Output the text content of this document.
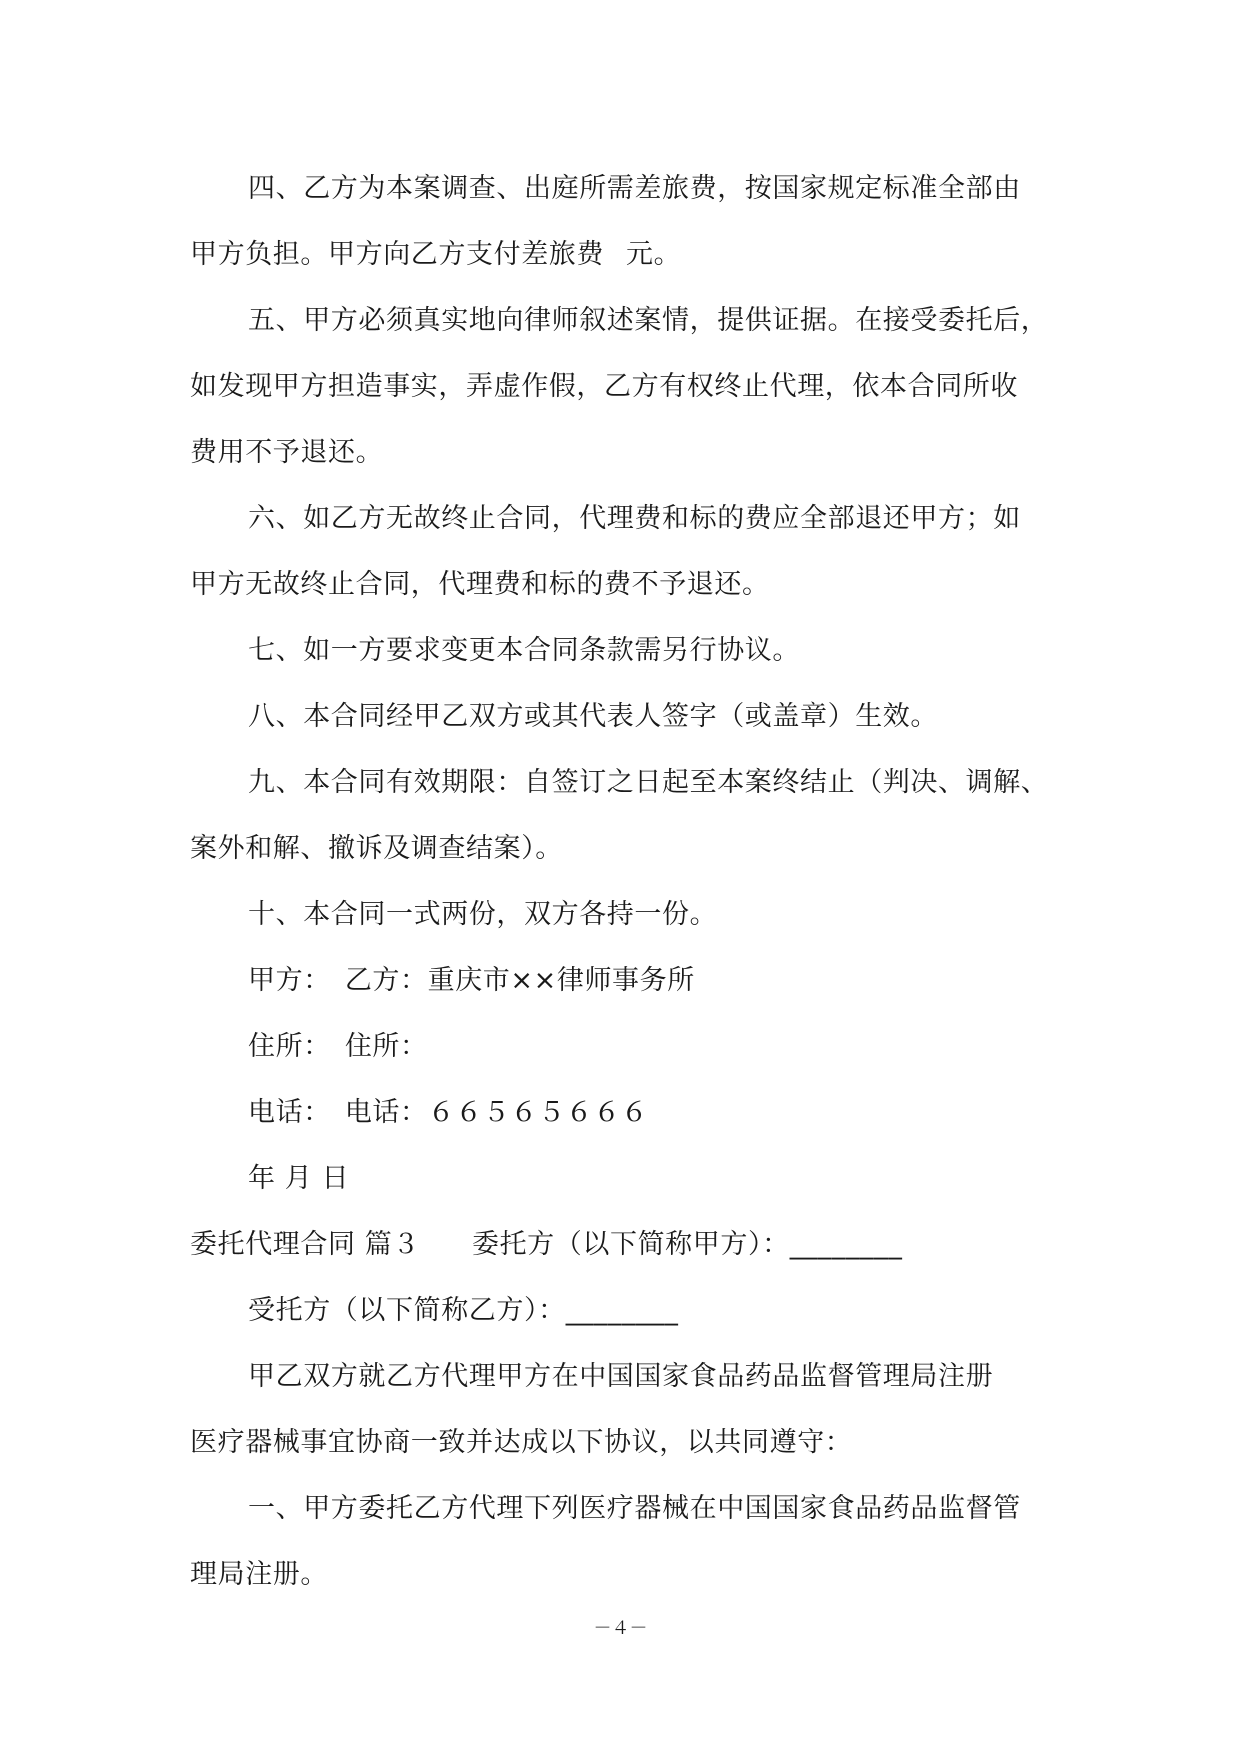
四、乙方为本案调查、出庭所需差旅费，按国家规定标准全部由
甲方负担。甲方向乙方支付差旅费 元。
五、甲方必须真实地向律师叙述案情，提供证据。在接受委托后，
如发现甲方担造事实，弄虚作假，乙方有权终止代理，依本合同所收
费用不予退还。
六、如乙方无故终止合同，代理费和标的费应全部退还甲方；如
甲方无故终止合同，代理费和标的费不予退还。
七、如一方要求变更本合同条款需另行协议。
八、本合同经甲乙双方或其代表人签字（或盖章）生效。
九、本合同有效期限：自签订之日起至本案终结止（判决、调解、
案外和解、撤诉及调查结案）。
十、本合同一式两份，双方各持一份。
甲方： 乙方：重庆市××律师事务所
住所： 住所：
电话： 电话：６６５６５６６６
年 月 日
委托代理合同 篇３ 委托方（以下简称甲方）：________
受托方（以下简称乙方）：________
甲乙双方就乙方代理甲方在中国国家食品药品监督管理局注册
医疗器械事宜协商一致并达成以下协议，以共同遵守：
一、甲方委托乙方代理下列医疗器械在中国国家食品药品监督管
理局注册。
－４－
